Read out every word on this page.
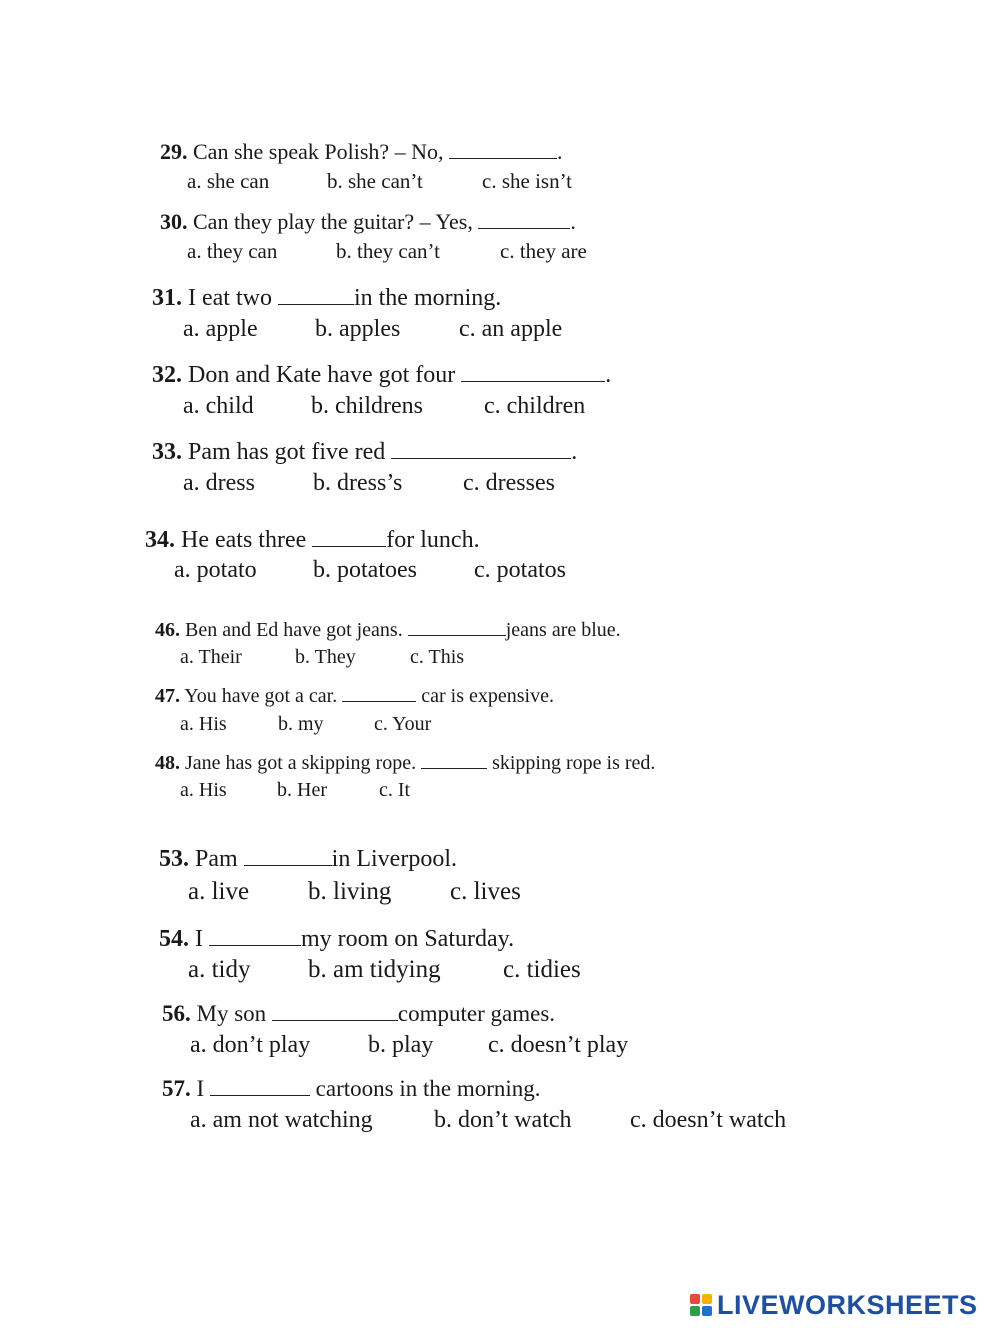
29. Can she speak Polish? – No,	.
a. she can	b. she can’t	c. she isn’t
30. Can they play the guitar? – Yes,	.
a. they can	b. they can’t	c. they are
31. I eat two	in the morning.
a. apple b. apples c. an apple
32. Don and Kate have got four	.
a. child b. childrens	c. children
33. Pam has got five red	.
a. dress b. dress’s	c. dresses
34. He eats three	for lunch.
a. potato b. potatoes c. potatos
46. Ben and Ed have got jeans.	jeans are blue.
a. Their	b. They	c. This
47. You have got a car.	car is expensive.
a. His	b. my	c. Your
48. Jane has got a skipping rope.	skipping rope is red.
a. His	b. Her	c. It
53. Pam	in Liverpool.
a. live b. living c. lives
54. I	my room on Saturday.
a. tidy b. am tidying c. tidies
56. My son	computer games.
a. don’t play b. play c. doesn’t play
57. I	cartoons in the morning.
a. am not watching	b. don’t watch c. doesn’t watch
LIVEWORKSHEETS
